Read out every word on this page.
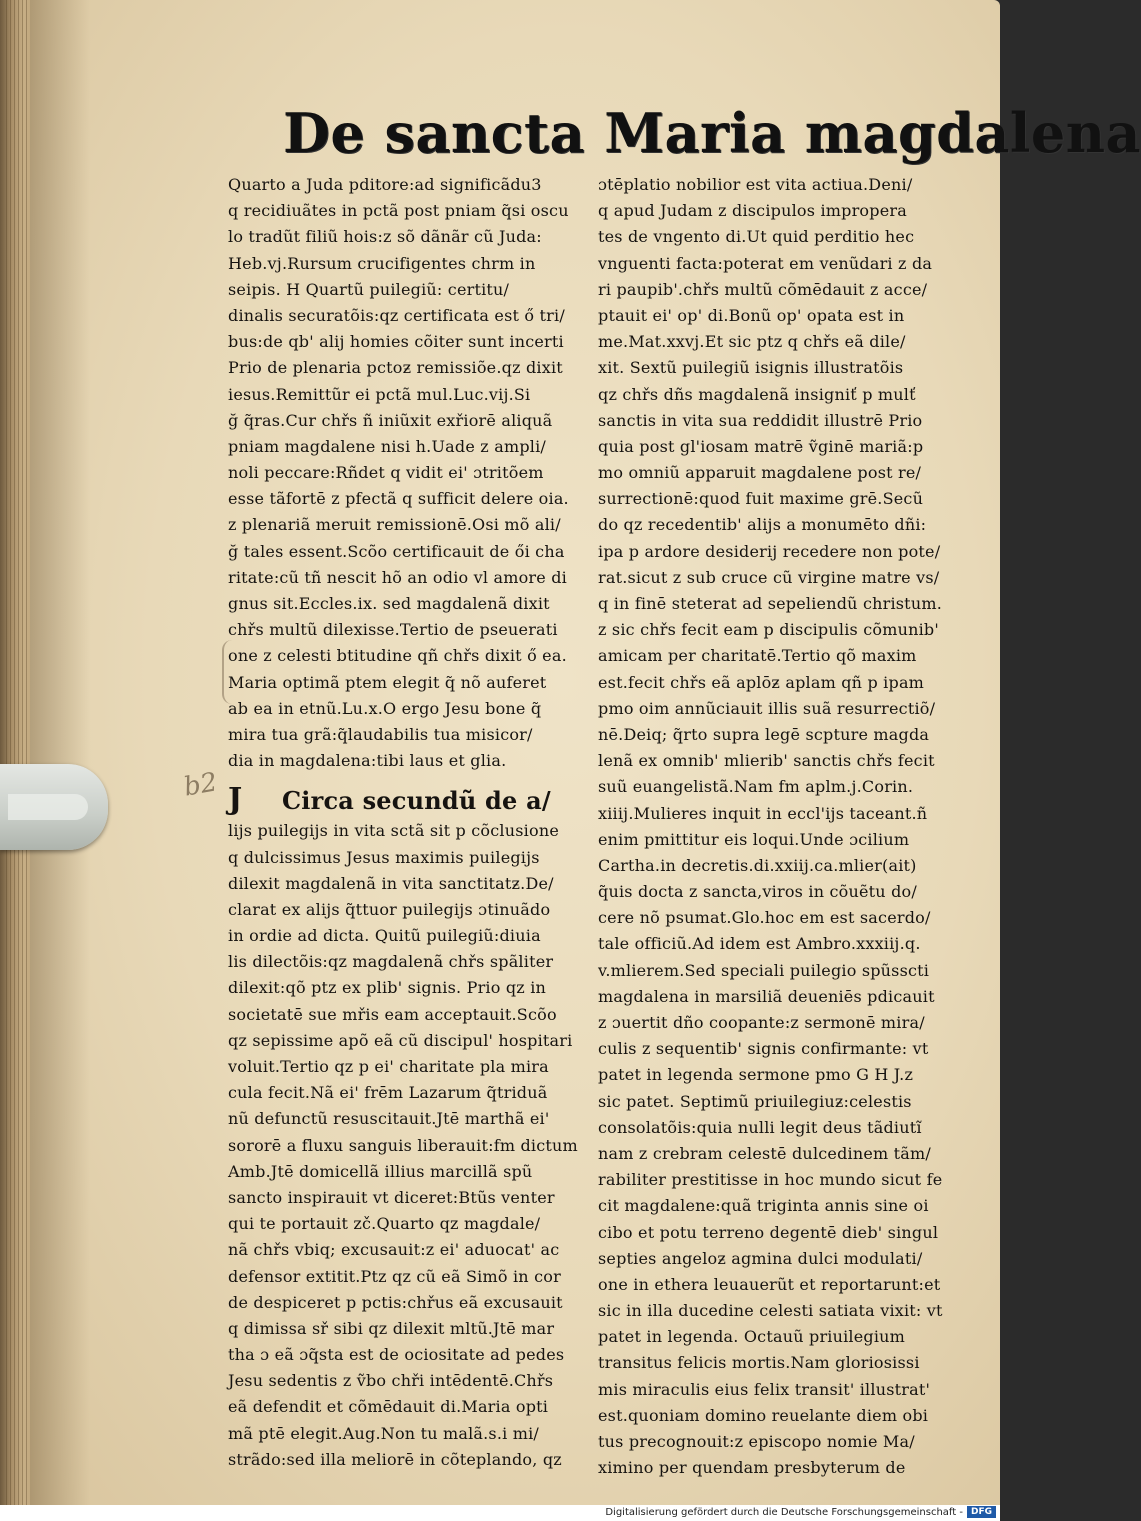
b2
De sancta Maria magdalena
Quarto a Juda pditore:ad significãdu3
q recidiuãtes in pctã post pniam q̃si oscu
lo tradũt filiũ hois:z sõ dãnãr cũ Juda:
Heb.vj.Rursum crucifigentes chrm in
seipis. H Quartũ puilegiũ: certitu/
dinalis securatõis:qz certificata est ő tri/
bus:de qb' alij homies cõiter sunt incerti
Prio de plenaria pctoƶ remissiõe.qz dixit
iesus.Remittũr ei pctã mul.Luc.vij.Si
ğ q̃ras.Cur chřs ñ iniũxit exřiorē aliquã
pniam magdalene nisi h.Uade z ampli/
noli peccare:Rñdet q vidit ei' ɔtritõem
esse tãfortē z pfectã q sufficit delere oia.
z plenariã meruit remissionē.Osi mõ ali/
ğ tales essent.Scõo certificauit de ői cha
ritate:cũ tñ nescit hõ an odio vl amore di
gnus sit.Eccles.ix. sed magdalenã dixit
chřs multũ dilexisse.Tertio de pseuerati
one z celesti btitudine qñ chřs dixit ő ea.
Maria optimã ptem elegit q̃ nõ auferet
ab ea in etnũ.Lu.x.O ergo Jesu bone q̃
mira tua grã:q̃laudabilis tua misicor/
dia in magdalena:tibi laus et glia.
J Circa secundũ de a/
lijs puilegijs in vita sctã sit p cõclusione
q dulcissimus Jesus maximis puilegijs
dilexit magdalenã in vita sanctitatƶ.De/
clarat ex alijs q̃ttuor puilegijs ɔtinuãdo
in ordie ad dicta. Quitũ puilegiũ:diuia
lis dilectõis:qz magdalenã chřs spãliter
dilexit:qõ ptz ex plib' signis. Prio qz in
societatē sue mřis eam acceptauit.Scõo
qz sepissime apõ eã cũ discipul' hospitari
voluit.Tertio qz p ei' charitate pla mira
cula fecit.Nã ei' frēm Lazarum q̃triduã
nũ defunctũ resuscitauit.Jtē marthã ei'
sororē a fluxu sanguis liberauit:fm dictum
Amb.Jtē domicellã illius marcillã spũ
sancto inspirauit vt diceret:Btũs venter
qui te portauit zč.Quarto qz magdale/
nã chřs vbiq; excusauit:z ei' aduocat' ac
defensor extitit.Ptz qz cũ eã Simõ in cor
de despiceret p pctis:chřus eã excusauit
q dimissa sř sibi qz dilexit mltũ.Jtē mar
tha ɔ eã ɔq̃sta est de ociositate ad pedes
Jesu sedentis z ṽbo chři intēdentē.Chřs
eã defendit et cõmēdauit di.Maria opti
mã ptē elegit.Aug.Non tu malã.s.i mi/
strãdo:sed illa meliorē in cõteplando, qz
ɔtēplatio nobilior est vita actiua.Deni/
q apud Judam z discipulos impropera
tes de vngento di.Ut quid perditio hec
vnguenti facta:poterat em venũdari z da
ri paupib'.chřs multũ cõmēdauit z acce/
ptauit ei' op' di.Bonũ op' opata est in
me.Mat.xxvj.Et sic ptz q chřs eã dile/
xit. Sextũ puilegiũ isignis illustratõis
qz chřs dñs magdalenã insigniť p mulť
sanctis in vita sua reddidit illustrē Prio
quia post gl'iosam matrē ṽginē mariã:p
mo omniũ apparuit magdalene post re/
surrectionē:quod fuit maxime grē.Secũ
do qz recedentib' alijs a monumēto dñi:
ipa p ardore desiderij recedere non pote/
rat.sicut z sub cruce cũ virgine matre vs/
q in finē steterat ad sepeliendũ christum.
z sic chřs fecit eam p discipulis cõmunib'
amicam per charitatē.Tertio qõ maxim
est.fecit chřs eã aplōƶ aplam qñ p ipam
pmo oim annũciauit illis suã resurrectiõ/
nē.Deiq; q̃rto supra legē scpture magda
lenã ex omnib' mlierib' sanctis chřs fecit
suũ euangelistã.Nam fm aplm.j.Corin.
xiiij.Mulieres inquit in eccl'ijs taceant.ñ
enim pmittitur eis loqui.Unde ɔcilium
Cartha.in decretis.di.xxiij.ca.mlier(ait)
q̃uis docta z sancta,viros in cõuẽtu do/
cere nõ psumat.Glo.hoc em est sacerdo/
tale officiũ.Ad idem est Ambro.xxxiij.q.
v.mlierem.Sed speciali puilegio spũsscti
magdalena in marsiliã deueniēs pdicauit
z ɔuertit dño coopante:z sermonē mira/
culis z sequentib' signis confirmante: vt
patet in legenda sermone pmo G H J.z
sic patet. Septimũ priuilegiuƶ:celestis
consolatõis:quia nulli legit deus tãdiutĩ
nam z crebram celestē dulcedinem tãm/
rabiliter prestitisse in hoc mundo sicut fe
cit magdalene:quã triginta annis sine oi
cibo et potu terreno degentē dieb' singul
septies angeloƶ agmina dulci modulati/
one in ethera leuauerũt et reportarunt:et
sic in illa ducedine celesti satiata vixit: vt
patet in legenda. Octauũ priuilegium
transitus felicis mortis.Nam gloriosissi
mis miraculis eius felix transit' illustrat'
est.quoniam domino reuelante diem obi
tus precognouit:z episcopo nomie Ma/
ximino per quendam presbyterum de
Digitalisierung gefördert durch die Deutsche Forschungsgemeinschaft - DFG
